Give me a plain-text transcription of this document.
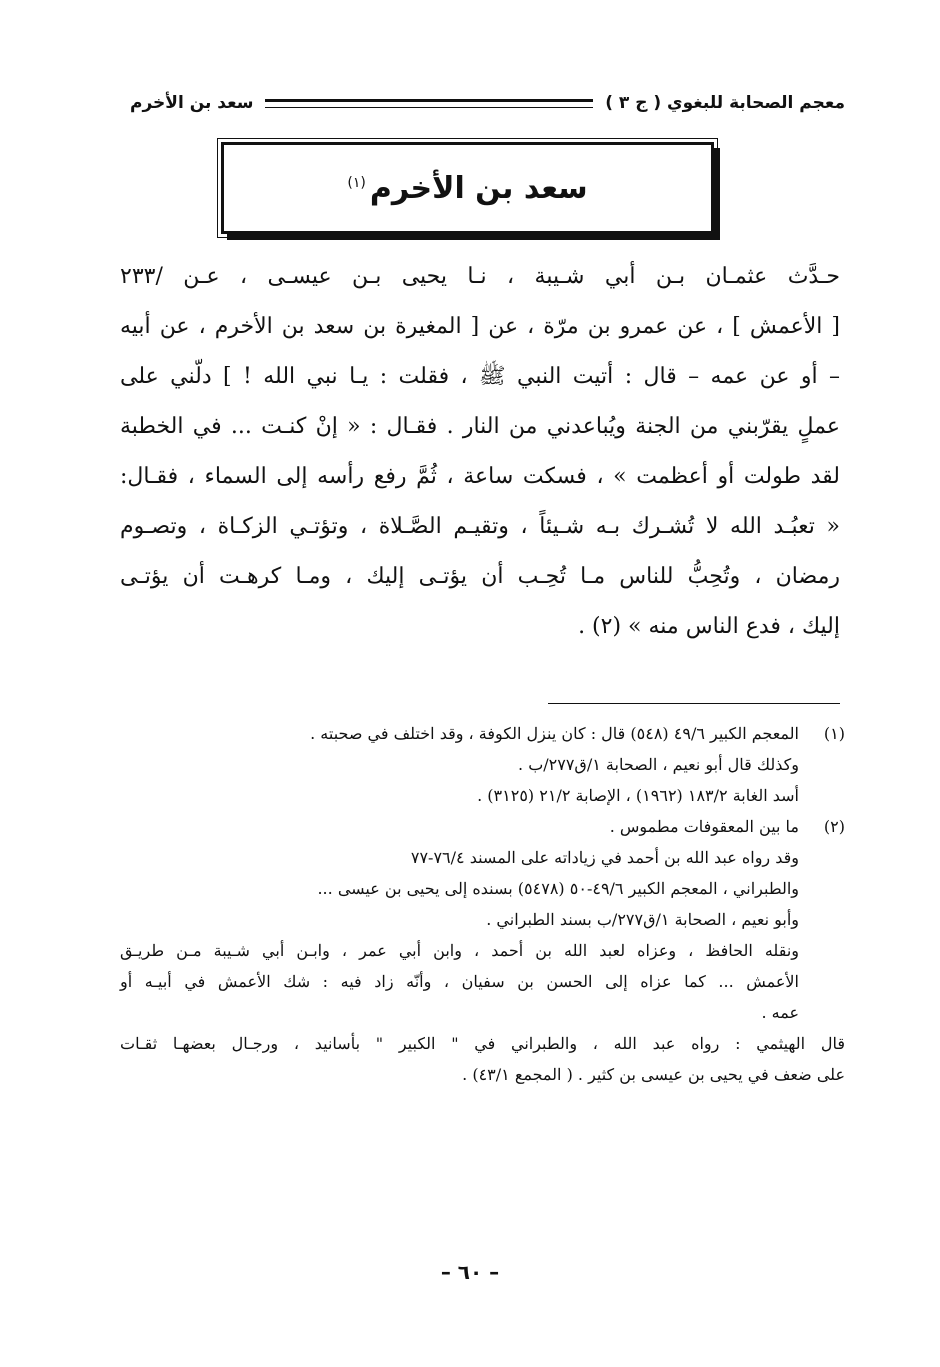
معجم الصحابة للبغوي ( ج ٣ )
سعد بن الأخرم
سعد بن الأخرم$^{(١)}$
حـدَّث عثمـان بـن أبي شـيبة ، نـا يحيى بـن عيسـى ، عـن /٢٣٣
[ الأعمش ] ، عن عمرو بن مرّة ، عن [ المغيرة بن سعد بن الأخرم ، عن أبيه
– أو عن عمه – قال : أتيت النبي ﷺ ، فقلت : يـا نبي الله ! ] دلّني على
عملٍ يقرّبني من الجنة ويُباعدني من النار . فقـال : « إنْ كنـت ... في الخطبة
لقد طولت أو أعظمت » ، فسكت ساعة ، ثُمَّ رفع رأسه إلى السماء ، فقـال:
« تعبُـد الله لا تُشـرك بـه شـيئاً ، وتقيـم الصَّـلاة ، وتؤتـي الزكـاة ، وتصـوم
رمضان ، وتُحِبُّ للناس مـا تُحِـب أن يؤتـى إليك ، ومـا كرهـت أن يؤتـى
إليك ، فدع الناس منه » (٢) .
(١)
المعجم الكبير ٤٩/٦ (٥٤٨) قال : كان ينزل الكوفة ، وقد اختلف في صحبته .
وكذلك قال أبو نعيم ، الصحابة ١/ق٢٧٧/ب .
أسد الغابة ١٨٣/٢ (١٩٦٢) ، الإصابة ٢١/٢ (٣١٢٥) .
(٢)
ما بين المعقوفات مطموس .
وقد رواه عبد الله بن أحمد في زياداته على المسند ٧٦/٤-٧٧
والطبراني ، المعجم الكبير ٤٩/٦-٥٠ (٥٤٧٨) بسنده إلى يحيى بن عيسى ...
وأبو نعيم ، الصحابة ١/ق٢٧٧/ب بسند الطبراني .
ونقله الحافظ ، وعزاه لعبد الله بن أحمد ، وابن أبي عمر ، وابـن أبي شـيبة مـن طريـق
الأعمش ... كما عزاه إلى الحسن بن سفيان ، وأنّه زاد فيه : شك الأعمش في أبيـه أو
عمه .
قال الهيثمي : رواه عبد الله ، والطبراني في " الكبير " بأسانيد ، ورجـال بعضهـا ثقـات
على ضعف في يحيى بن عيسى بن كثير . ( المجمع ٤٣/١) .
– ٦٠ –
